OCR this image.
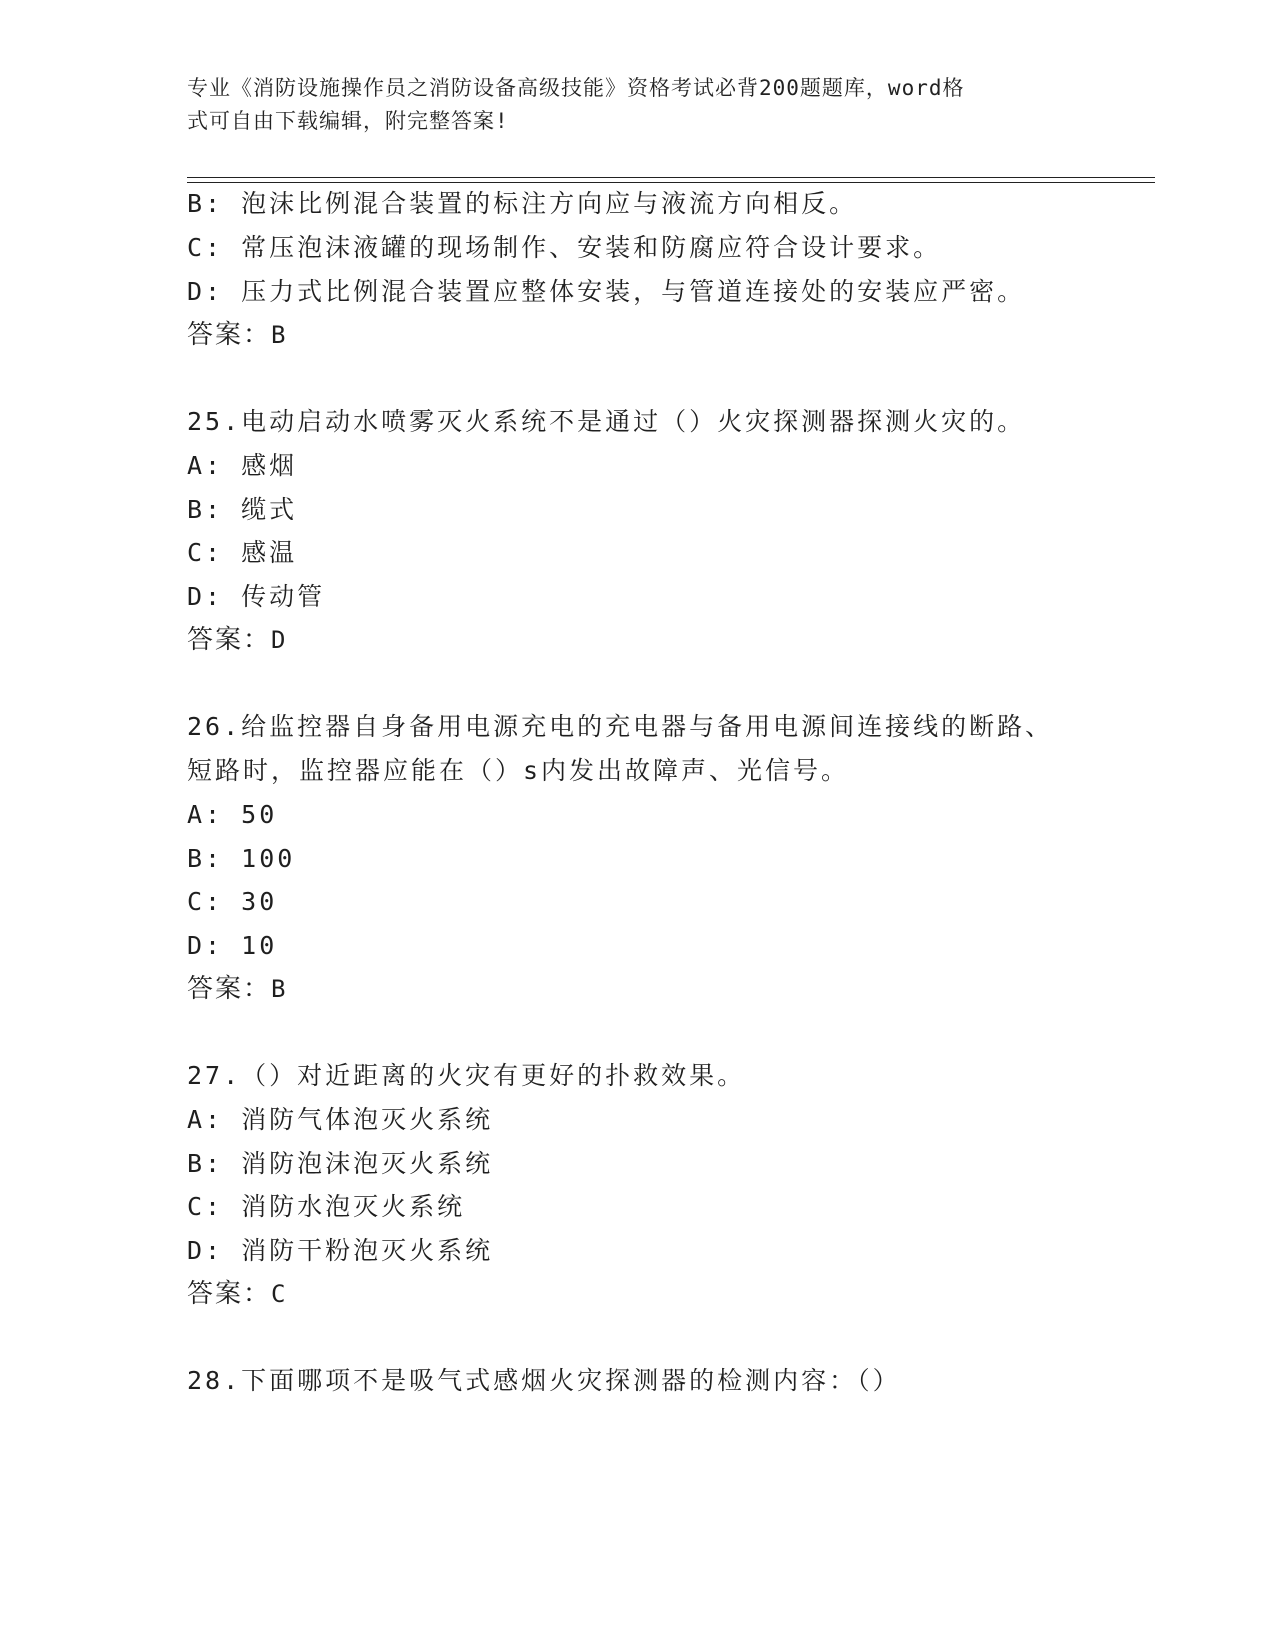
专业《消防设施操作员之消防设备高级技能》资格考试必背200题题库，word格
式可自由下载编辑，附完整答案!
B: 泡沫比例混合装置的标注方向应与液流方向相反。
C: 常压泡沫液罐的现场制作、安装和防腐应符合设计要求。
D: 压力式比例混合装置应整体安装，与管道连接处的安装应严密。
答案：B
25.电动启动水喷雾灭火系统不是通过（）火灾探测器探测火灾的。
A: 感烟
B: 缆式
C: 感温
D: 传动管
答案：D
26.给监控器自身备用电源充电的充电器与备用电源间连接线的断路、
短路时，监控器应能在（）s内发出故障声、光信号。
A: 50
B: 100
C: 30
D: 10
答案：B
27.（）对近距离的火灾有更好的扑救效果。
A: 消防气体泡灭火系统
B: 消防泡沫泡灭火系统
C: 消防水泡灭火系统
D: 消防干粉泡灭火系统
答案：C
28.下面哪项不是吸气式感烟火灾探测器的检测内容：（）
